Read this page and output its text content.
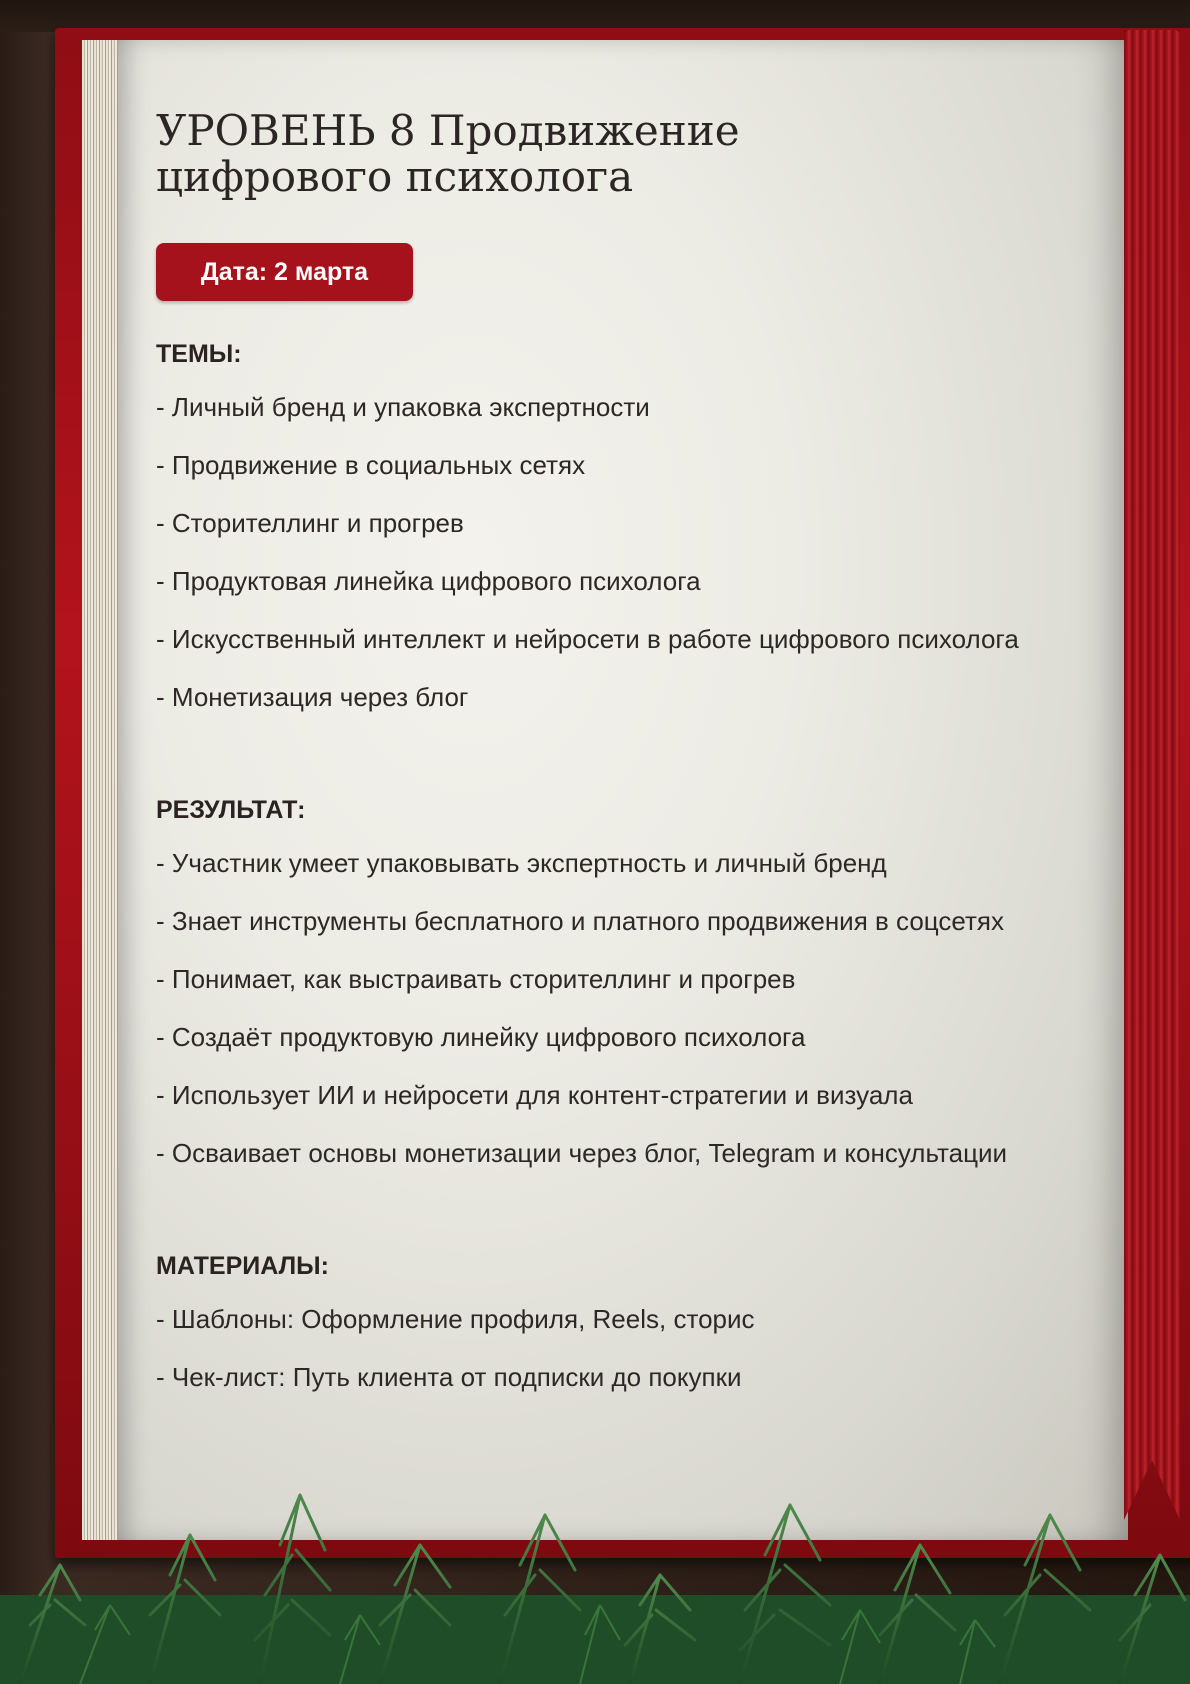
УРОВЕНЬ 8 Продвижение
цифрового психолога
Дата: 2 марта
ТЕМЫ:
- Личный бренд и упаковка экспертности
- Продвижение в социальных сетях
- Сторителлинг и прогрев
- Продуктовая линейка цифрового психолога
- Искусственный интеллект и нейросети в работе цифрового психолога
- Монетизация через блог
РЕЗУЛЬТАТ:
- Участник умеет упаковывать экспертность и личный бренд
- Знает инструменты бесплатного и платного продвижения в соцсетях
- Понимает, как выстраивать сторителлинг и прогрев
- Создаёт продуктовую линейку цифрового психолога
- Использует ИИ и нейросети для контент-стратегии и визуала
- Осваивает основы монетизации через блог, Telegram и консультации
МАТЕРИАЛЫ:
- Шаблоны: Оформление профиля, Reels, сторис
- Чек-лист: Путь клиента от подписки до покупки
